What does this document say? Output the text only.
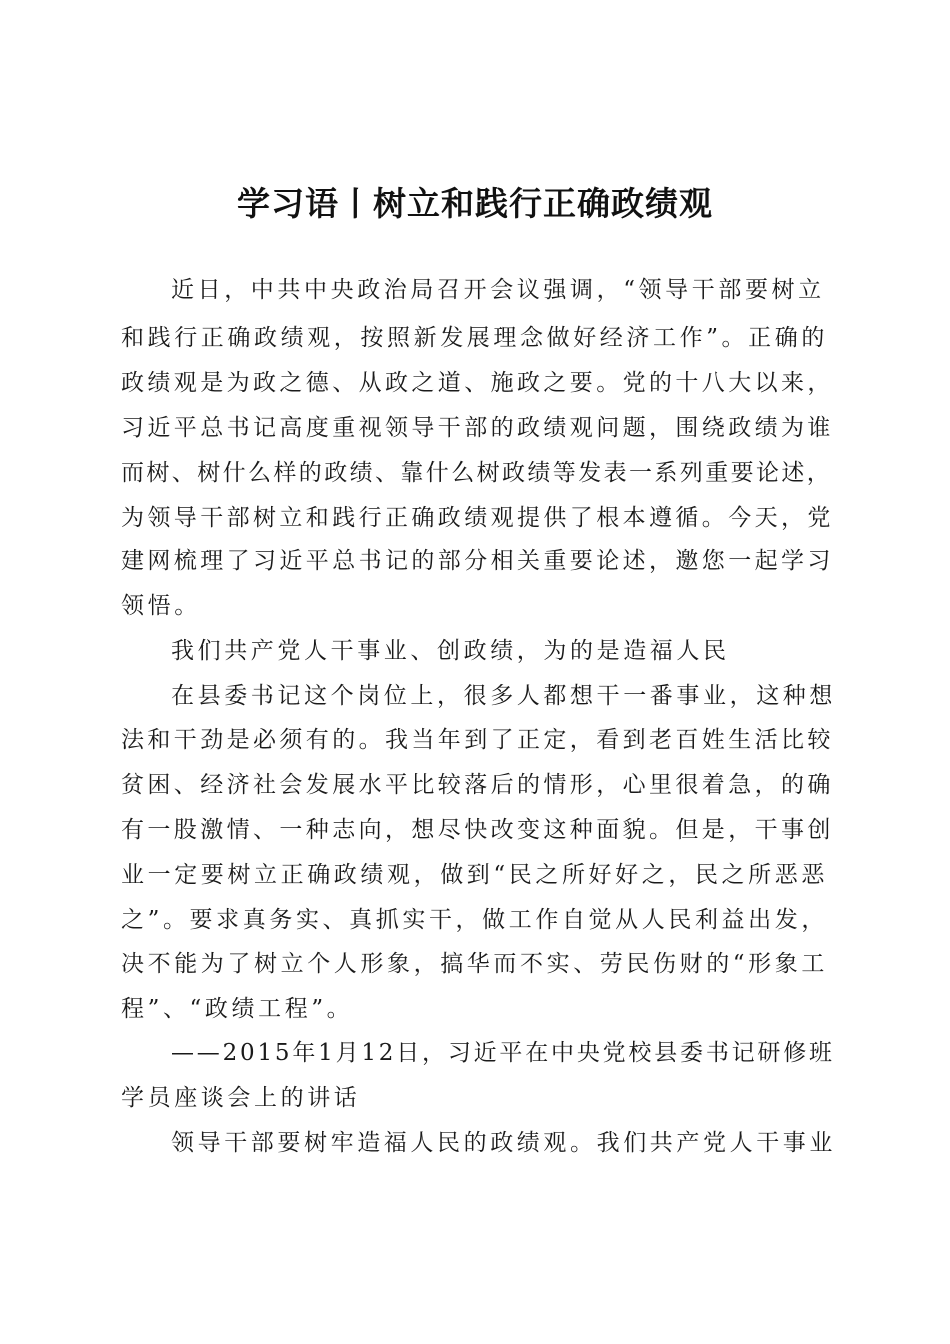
学习语丨树立和践行正确政绩观
近日，中共中央政治局召开会议强调，“领导干部要树立
和践行正确政绩观，按照新发展理念做好经济工作”。正确的
政绩观是为政之德、从政之道、施政之要。党的十八大以来，
习近平总书记高度重视领导干部的政绩观问题，围绕政绩为谁
而树、树什么样的政绩、靠什么树政绩等发表一系列重要论述，
为领导干部树立和践行正确政绩观提供了根本遵循。今天，党
建网梳理了习近平总书记的部分相关重要论述，邀您一起学习
领悟。
我们共产党人干事业、创政绩，为的是造福人民
在县委书记这个岗位上，很多人都想干一番事业，这种想
法和干劲是必须有的。我当年到了正定，看到老百姓生活比较
贫困、经济社会发展水平比较落后的情形，心里很着急，的确
有一股激情、一种志向，想尽快改变这种面貌。但是，干事创
业一定要树立正确政绩观，做到“民之所好好之，民之所恶恶
之”。要求真务实、真抓实干，做工作自觉从人民利益出发，
决不能为了树立个人形象，搞华而不实、劳民伤财的“形象工
程”、“政绩工程”。
——2015年1月12日，习近平在中央党校县委书记研修班
学员座谈会上的讲话
领导干部要树牢造福人民的政绩观。我们共产党人干事业
